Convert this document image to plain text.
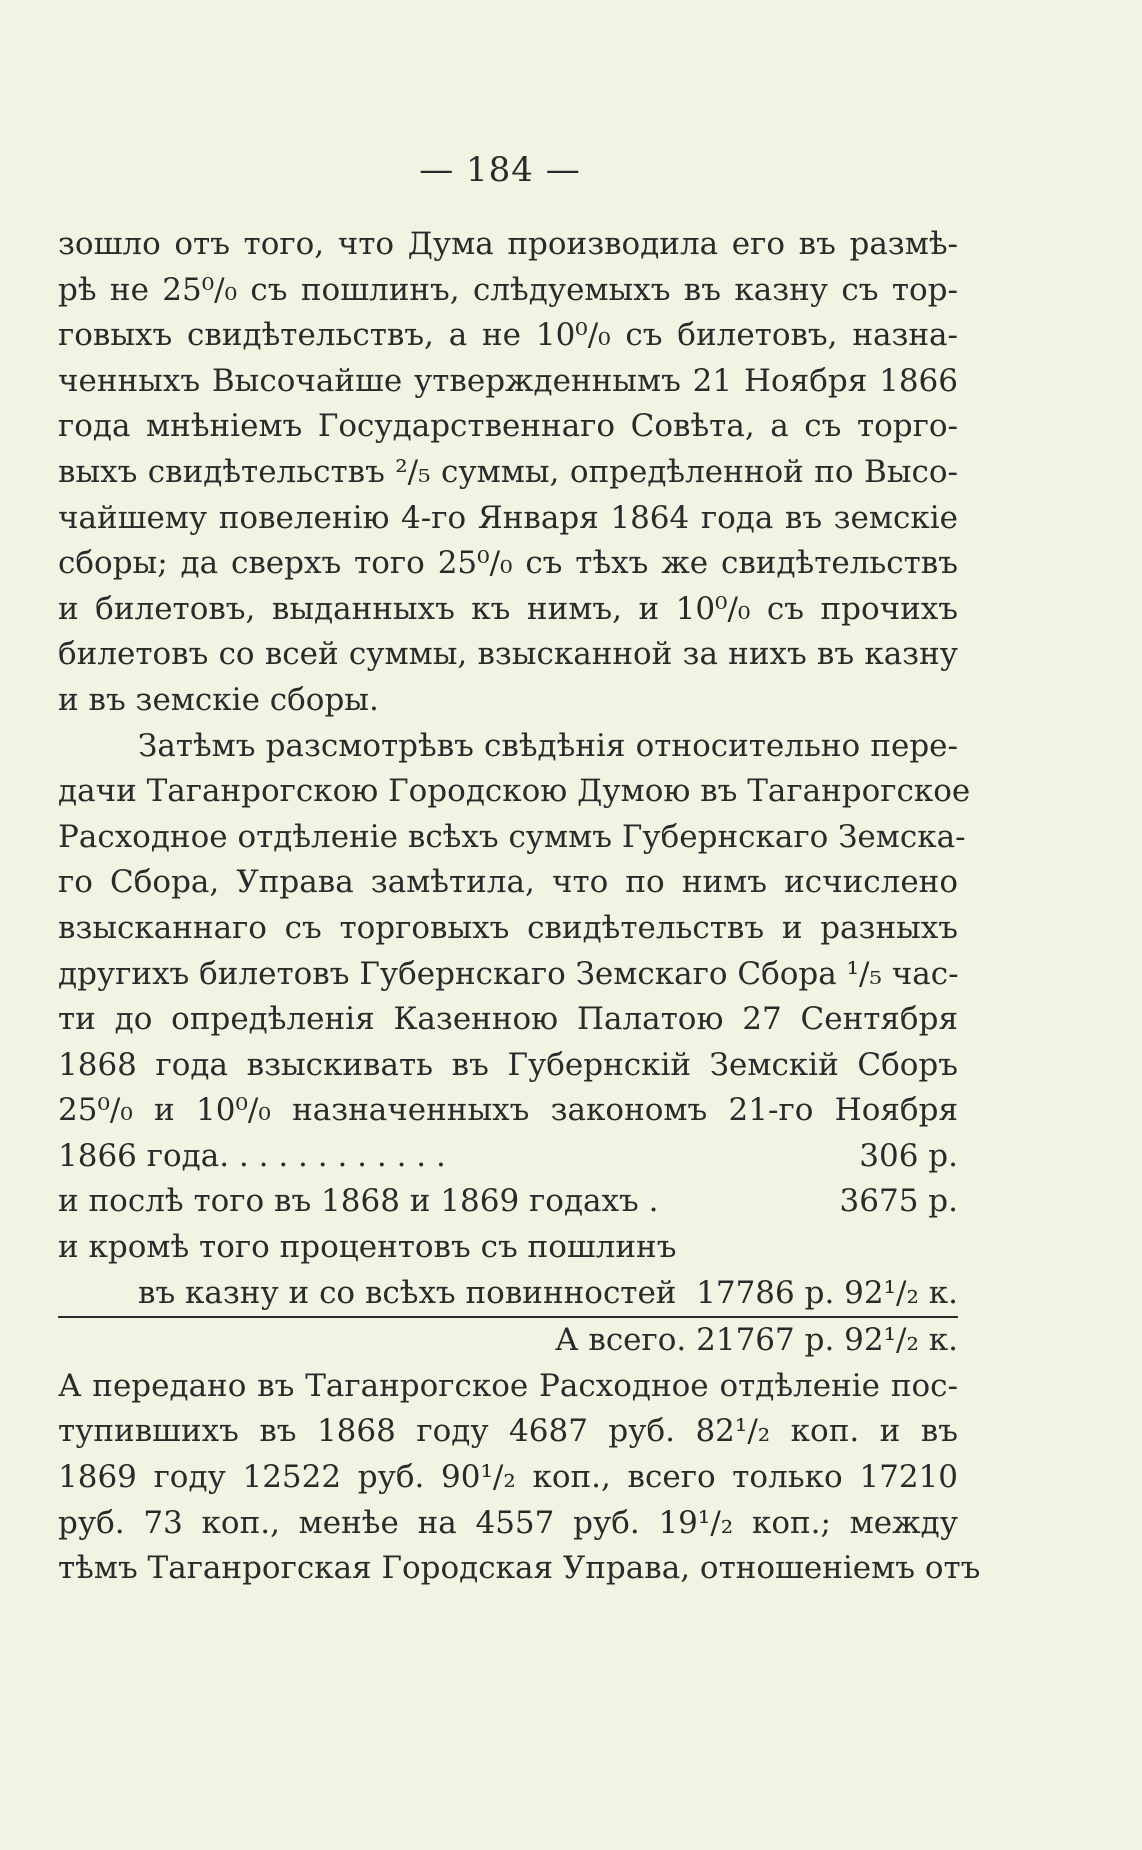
— 184 —
зошло отъ того, что Дума производила его въ размѣ-
рѣ не 25⁰/₀ съ пошлинъ, слѣдуемыхъ въ казну съ тор-
говыхъ свидѣтельствъ, а не 10⁰/₀ съ билетовъ, назна-
ченныхъ Высочайше утвержденнымъ 21 Ноября 1866
года мнѣніемъ Государственнаго Совѣта, а съ торго-
выхъ свидѣтельствъ ²/₅ суммы, опредѣленной по Высо-
чайшему повеленію 4-го Января 1864 года въ земскіе
сборы; да сверхъ того 25⁰/₀ съ тѣхъ же свидѣтельствъ
и билетовъ, выданныхъ къ нимъ, и 10⁰/₀ съ прочихъ
билетовъ со всей суммы, взысканной за нихъ въ казну
и въ земскіе сборы.
Затѣмъ разсмотрѣвъ свѣдѣнія относительно пере-
дачи Таганрогскою Городскою Думою въ Таганрогское
Расходное отдѣленіе всѣхъ суммъ Губернскаго Земска-
го Сбора, Управа замѣтила, что по нимъ исчислено
взысканнаго съ торговыхъ свидѣтельствъ и разныхъ
другихъ билетовъ Губернскаго Земскаго Сбора ¹/₅ час-
ти до опредѣленія Казенною Палатою 27 Сентября
1868 года взыскивать въ Губернскій Земскій Сборъ
25⁰/₀ и 10⁰/₀ назначенныхъ закономъ 21-го Ноября
1866 года. . . . . . . . . . . .	306 р.
и послѣ того въ 1868 и 1869 годахъ .	3675 р.
и кромѣ того процентовъ съ пошлинъ
въ казну и со всѣхъ повинностей 17786 р. 92¹/₂ к.
А всего. 21767 р. 92¹/₂ к.
А передано въ Таганрогское Расходное отдѣленіе пос-
тупившихъ въ 1868 году 4687 руб. 82¹/₂ коп. и въ
1869 году 12522 руб. 90¹/₂ коп., всего только 17210
руб. 73 коп., менѣе на 4557 руб. 19¹/₂ коп.; между
тѣмъ Таганрогская Городская Управа, отношеніемъ отъ
